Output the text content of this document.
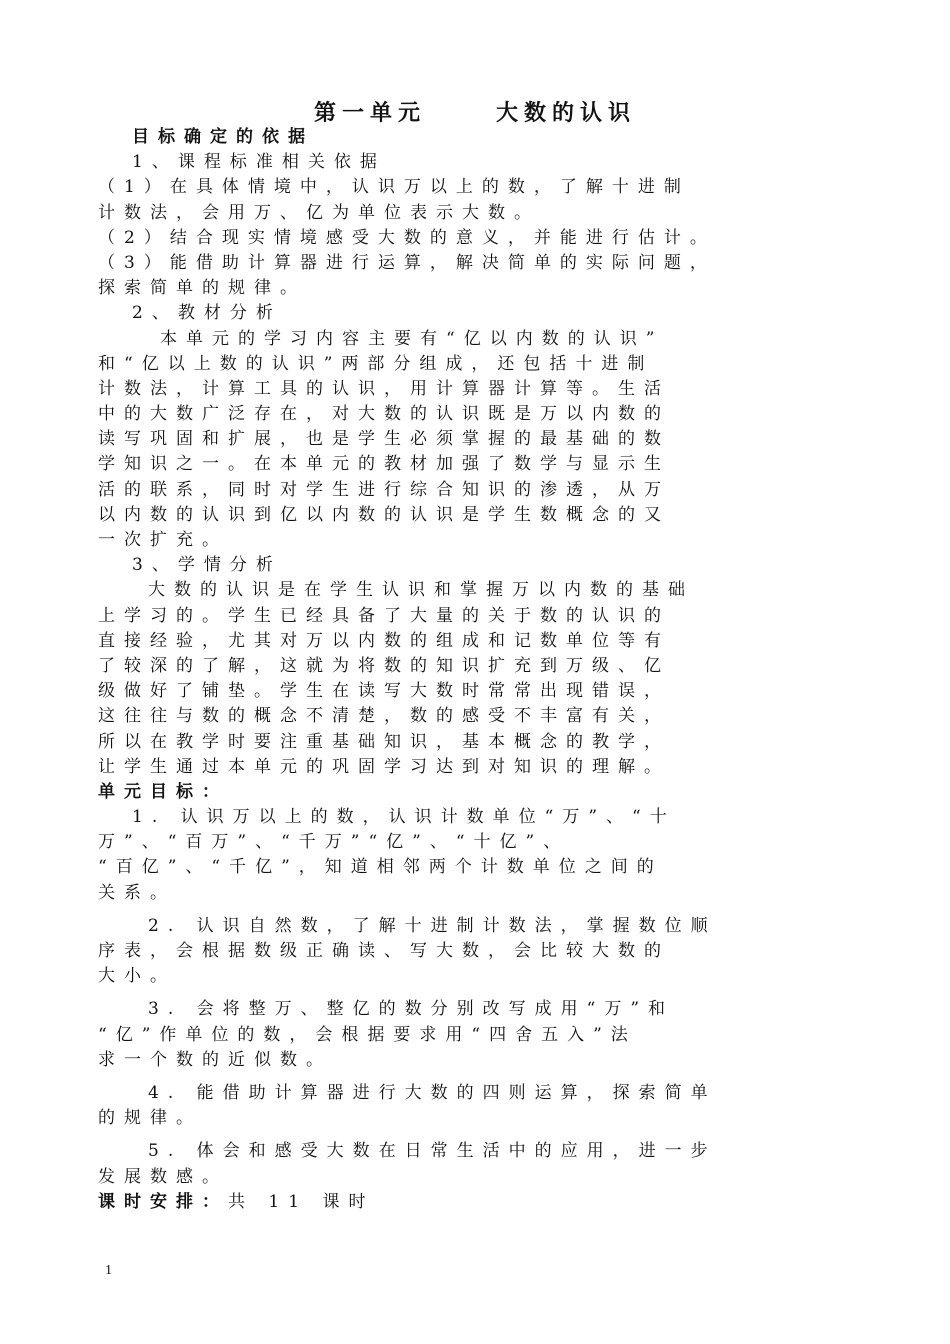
第一单元	大数的认识
目标确定的依据
1、课程标准相关依据
（1）在具体情境中，认识万以上的数，了解十进制
计数法，会用万、亿为单位表示大数。
（2）结合现实情境感受大数的意义，并能进行估计。
（3）能借助计算器进行运算，解决简单的实际问题，
探索简单的规律。
2、教材分析
本单元的学习内容主要有“亿以内数的认识”
和“亿以上数的认识”两部分组成，还包括十进制
计数法，计算工具的认识，用计算器计算等。生活
中的大数广泛存在，对大数的认识既是万以内数的
读写巩固和扩展，也是学生必须掌握的最基础的数
学知识之一。在本单元的教材加强了数学与显示生
活的联系，同时对学生进行综合知识的渗透，从万
以内数的认识到亿以内数的认识是学生数概念的又
一次扩充。
3、学情分析
大数的认识是在学生认识和掌握万以内数的基础
上学习的。学生已经具备了大量的关于数的认识的
直接经验，尤其对万以内数的组成和记数单位等有
了较深的了解，这就为将数的知识扩充到万级、亿
级做好了铺垫。学生在读写大数时常常出现错误，
这往往与数的概念不清楚，数的感受不丰富有关，
所以在教学时要注重基础知识，基本概念的教学，
让学生通过本单元的巩固学习达到对知识的理解。
单元目标：
1. 认识万以上的数，认识计数单位“万”、“十
万”、“百万”、“千万”“亿”、“十亿”、
“百亿”、“千亿”，知道相邻两个计数单位之间的
关系。
2. 认识自然数，了解十进制计数法，掌握数位顺
序表，会根据数级正确读、写大数，会比较大数的
大小。
3. 会将整万、整亿的数分别改写成用“万”和
“亿”作单位的数，会根据要求用“四舍五入”法
求一个数的近似数。
4. 能借助计算器进行大数的四则运算，探索简单
的规律。
5. 体会和感受大数在日常生活中的应用，进一步
发展数感。
课时安排：共 11 课时
1
